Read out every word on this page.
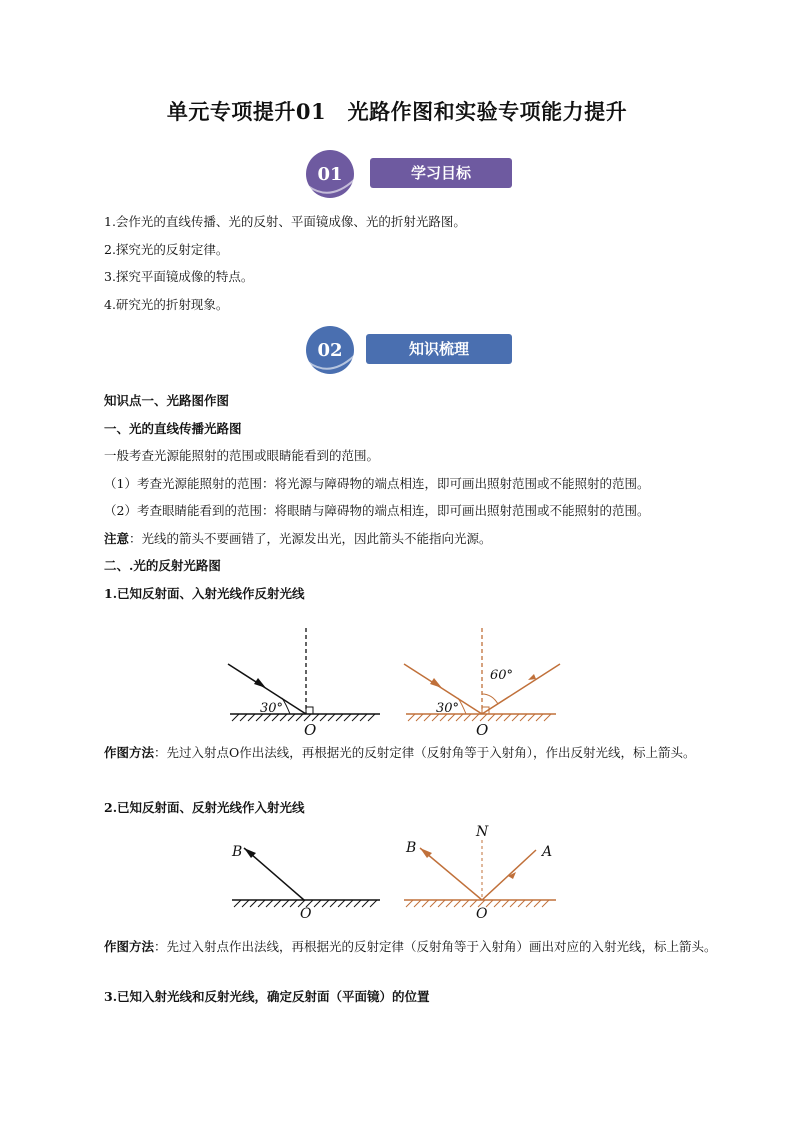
单元专项提升01　光路作图和实验专项能力提升
01	学习目标
1.会作光的直线传播、光的反射、平面镜成像、光的折射光路图。
2.探究光的反射定律。
3.探究平面镜成像的特点。
4.研究光的折射现象。
02	知识梳理
知识点一、光路图作图
一、光的直线传播光路图
一般考查光源能照射的范围或眼睛能看到的范围。
（1）考查光源能照射的范围：将光源与障碍物的端点相连，即可画出照射范围或不能照射的范围。
（2）考查眼睛能看到的范围：将眼睛与障碍物的端点相连，即可画出照射范围或不能照射的范围。
注意：光线的箭头不要画错了，光源发出光，因此箭头不能指向光源。
二、.光的反射光路图
1.已知反射面、入射光线作反射光线
30°
O
30°
60°
O
作图方法：先过入射点O作出法线，再根据光的反射定律（反射角等于入射角），作出反射光线，标上箭头。
2.已知反射面、反射光线作入射光线
B
O
N
B	A
O
作图方法：先过入射点作出法线，再根据光的反射定律（反射角等于入射角）画出对应的入射光线，标上箭头。
3.已知入射光线和反射光线，确定反射面（平面镜）的位置
